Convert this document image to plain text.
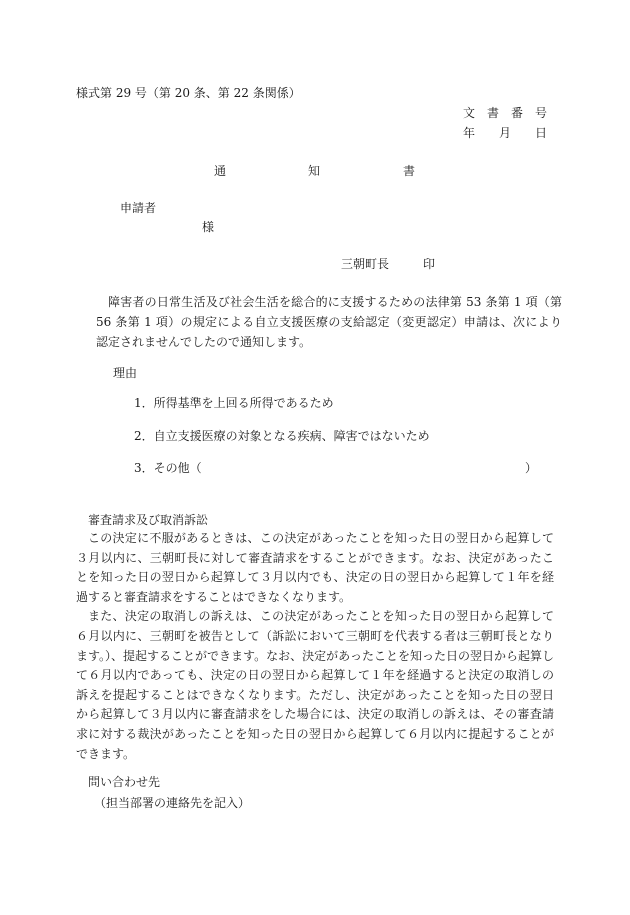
様式第 29 号（第 20 条、第 22 条関係）
文　書　番　号
年　　月　　日
通	知	書
申請者
様
三朝町長	印

障害者の日常生活及び社会生活を総合的に支援するための法律第 53 条第 1 項（第 56 条第 1 項）の規定による自立支援医療の支給認定（変更認定）申請は、次により認定されませんでしたので通知します。

理由
1．所得基準を上回る所得であるため
2．自立支援医療の対象となる疾病、障害ではないため
3．その他（	）
審査請求及び取消訴訟

この決定に不服があるときは、この決定があったことを知った日の翌日から起算して３月以内に、三朝町長に対して審査請求をすることができます。なお、決定があったことを知った日の翌日から起算して３月以内でも、決定の日の翌日から起算して１年を経過すると審査請求をすることはできなくなります。

また、決定の取消しの訴えは、この決定があったことを知った日の翌日から起算して６月以内に、三朝町を被告として（訴訟において三朝町を代表する者は三朝町長となります。）、提起することができます。なお、決定があったことを知った日の翌日から起算して６月以内であっても、決定の日の翌日から起算して１年を経過すると決定の取消しの訴えを提起することはできなくなります。ただし、決定があったことを知った日の翌日から起算して３月以内に審査請求をした場合には、決定の取消しの訴えは、その審査請求に対する裁決があったことを知った日の翌日から起算して６月以内に提起することができます。

問い合わせ先
（担当部署の連絡先を記入）
